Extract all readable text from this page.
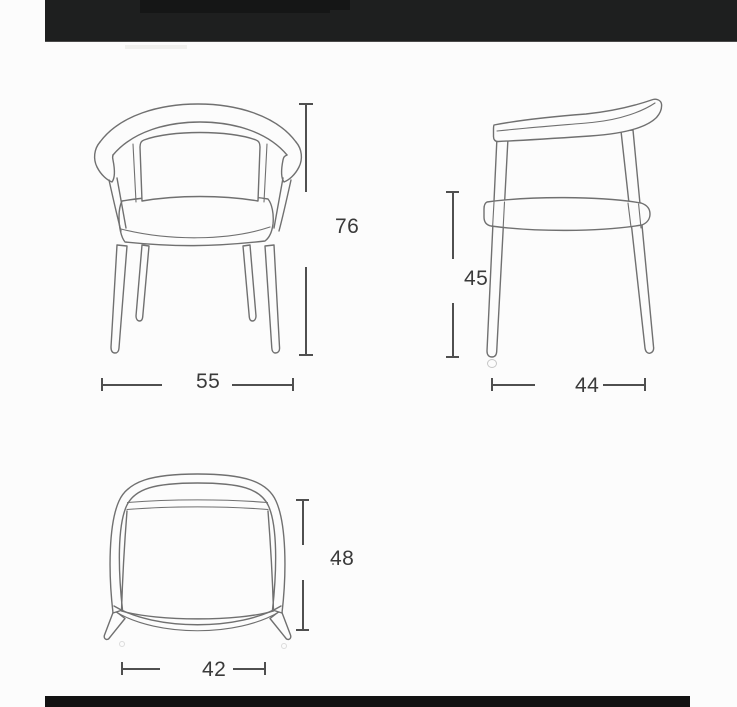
76
55
45
44
48
42
